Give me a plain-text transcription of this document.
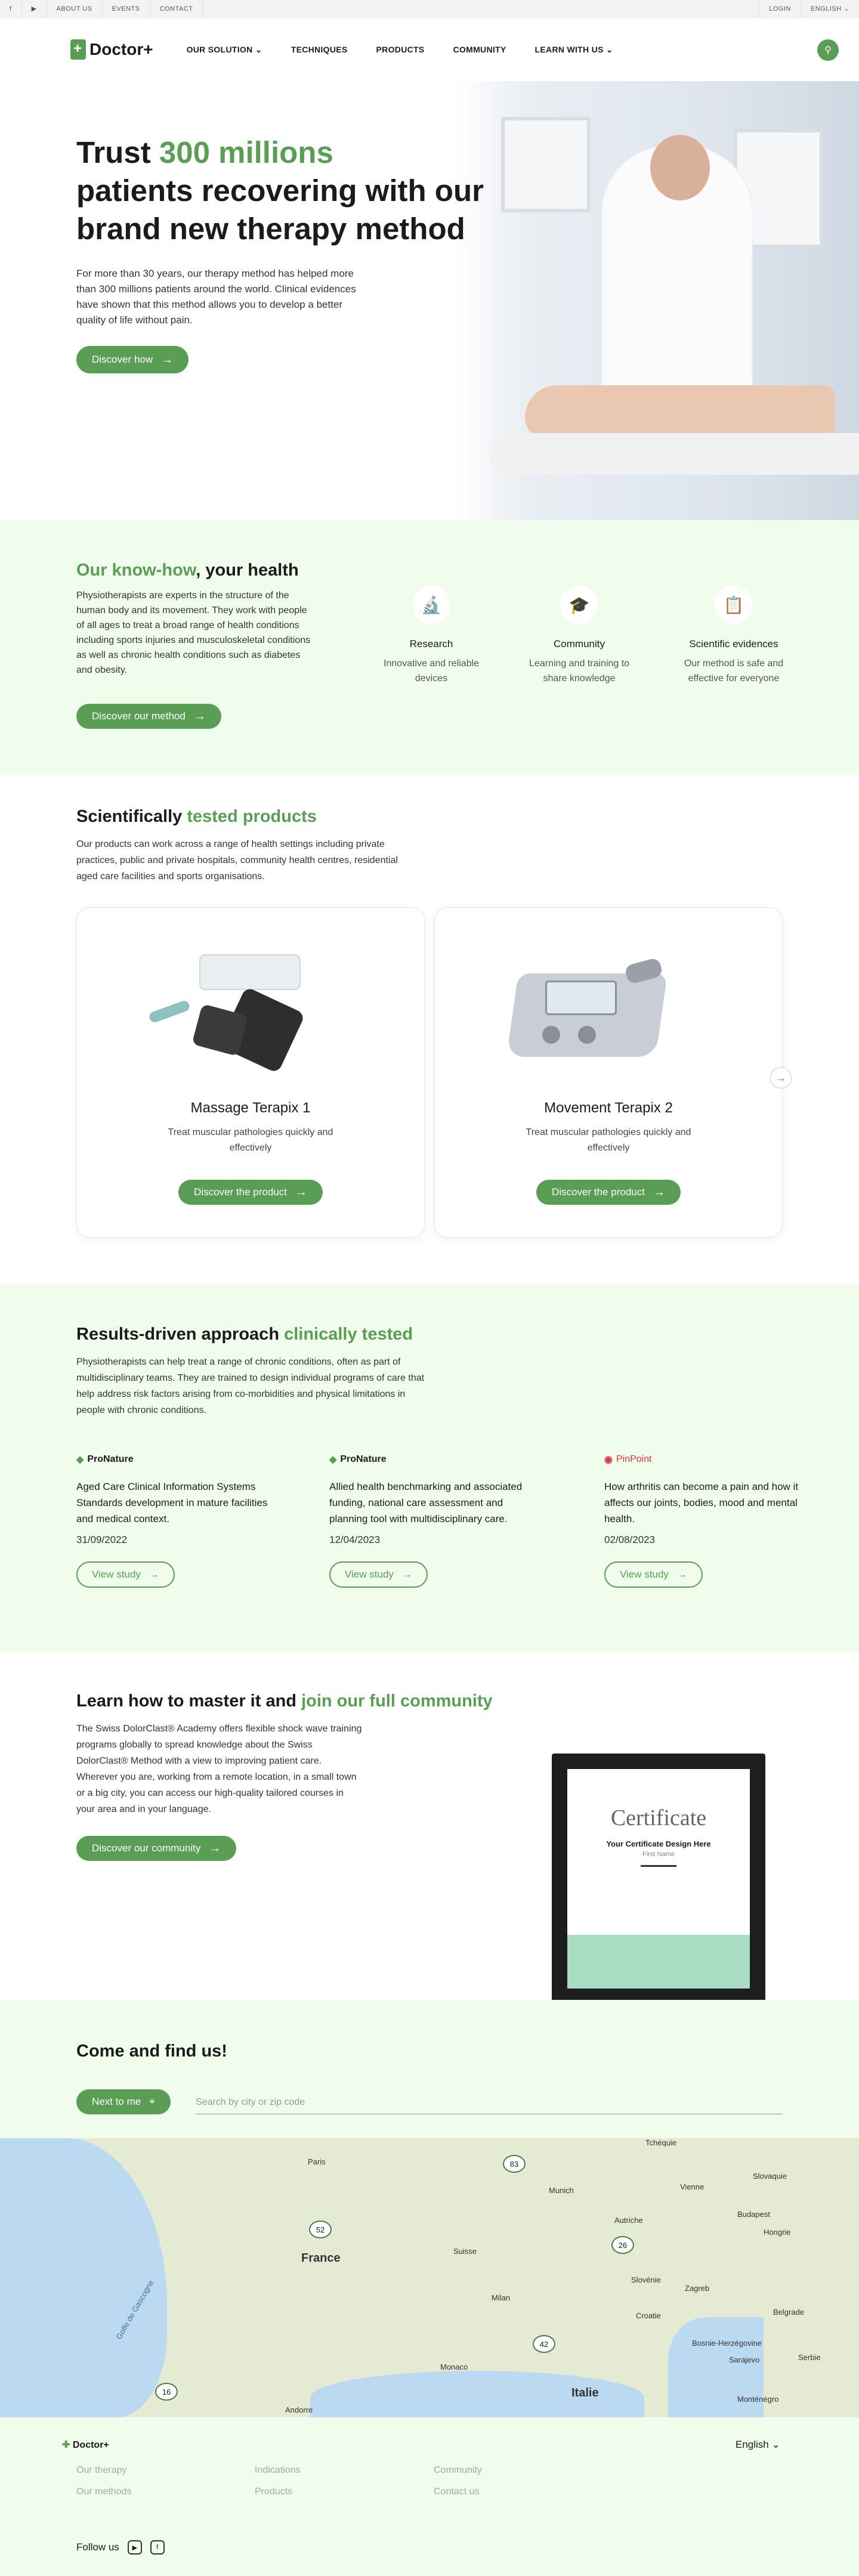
f	▶	ABOUT US	EVENTS	CONTACT	LOGIN	ENGLISH
⌄
+
Doctor+	OUR SOLUTION ⌄	TECHNIQUES	PRODUCTS	COMMUNITY	LEARN WITH US ⌄	⚲
Trust 300 millions
patients recovering with our brand new therapy method

For more than 30 years, our therapy method has helped more than 300 millions patients around the world. Clinical evidences have shown that this method allows you to develop a better quality of life without pain.

Discover how →
Our know-how, your health

Physiotherapists are experts in the structure of the human body and its movement. They work with people of all ages to treat a broad range of health conditions including sports injuries and musculoskeletal conditions as well as chronic health conditions such as diabetes and obesity.

Discover our method →
🔬
Research
Innovative and reliable devices
🎓
Community
Learning and training to share knowledge
📋
Scientific evidences
Our method is safe and effective for everyone
Scientifically tested products

Our products can work across a range of health settings including private practices, public and private hospitals, community health centres, residential aged care facilities and sports organisations.

Massage Terapix 1
Treat muscular pathologies quickly and effectively
Discover the product →
Movement Terapix 2
Treat muscular pathologies quickly and effectively
Discover the product →
→
Results-driven approach clinically tested

Physiotherapists can help treat a range of chronic conditions, often as part of multidisciplinary teams. They are trained to design individual programs of care that help address risk factors arising from co-morbidities and physical limitations in people with chronic conditions.

◆ ProNature
Aged Care Clinical Information Systems Standards development in mature facilities and medical context.
31/09/2022
View study →
◆ ProNature
Allied health benchmarking and associated funding, national care assessment and planning tool with multidisciplinary care.
12/04/2023
View study →
◉ PinPoint
How arthritis can become a pain and how it affects our joints, bodies, mood and mental health.
02/08/2023
View study →
Learn how to master it and join our full community

The Swiss DolorClast® Academy offers flexible shock wave training programs globally to spread knowledge about the Swiss DolorClast® Method with a view to improving patient care. Wherever you are, working from a remote location, in a small town or a big city, you can access our high-quality tailored courses in your area and in your language.

Discover our community →
Certificate
Your Certificate Design Here
First Name
Come and find us!
Next to me ⌖	Search by city or zip code
Paris
France
Munich	Vienne
Tchéquie
Slovaquie
Budapest
Hongrie
Autriche
Suisse
Milan
Slovénie
Zagreb
Croatie
Bosnie-Herzégovine
Serbie
Sarajevo
Belgrade
Monaco
Italie
Andorre
Golfe de Gascogne
Monténégro
83
52
26
42
16
✚ Doctor+	English ⌄
Our therapy
Our methods
Indications
Products
Community
Contact us
Follow us	▶	f
